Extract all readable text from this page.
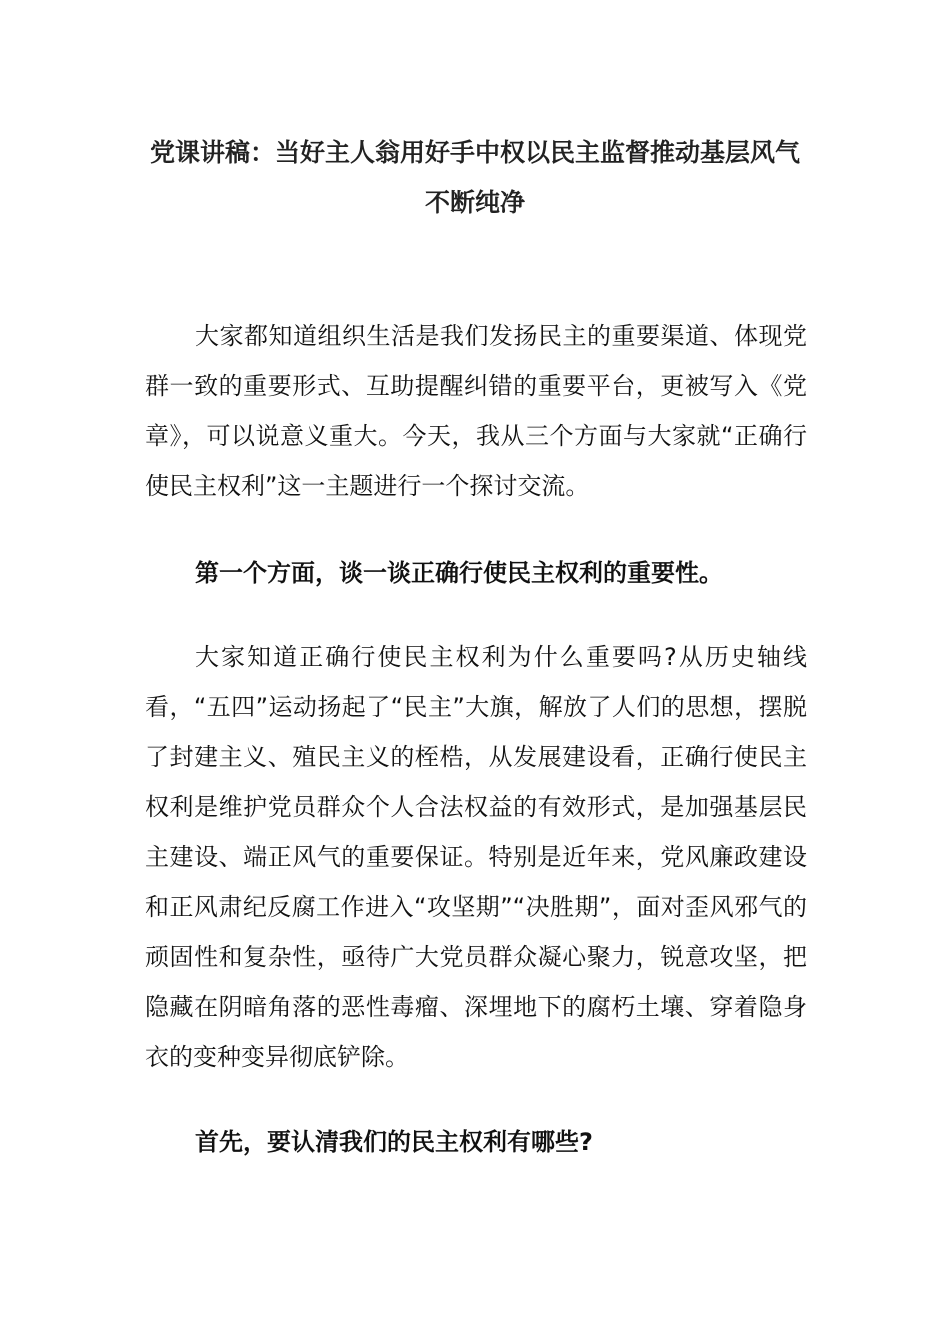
党课讲稿：当好主人翁用好手中权以民主监督推动基层风气不断纯净
大家都知道组织生活是我们发扬民主的重要渠道、体现党群一致的重要形式、互助提醒纠错的重要平台，更被写入《党章》，可以说意义重大。今天，我从三个方面与大家就“正确行使民主权利”这一主题进行一个探讨交流。
第一个方面，谈一谈正确行使民主权利的重要性。
大家知道正确行使民主权利为什么重要吗?从历史轴线看，“五四”运动扬起了“民主”大旗，解放了人们的思想，摆脱了封建主义、殖民主义的桎梏，从发展建设看，正确行使民主权利是维护党员群众个人合法权益的有效形式，是加强基层民主建设、端正风气的重要保证。特别是近年来，党风廉政建设和正风肃纪反腐工作进入“攻坚期”“决胜期”，面对歪风邪气的顽固性和复杂性，亟待广大党员群众凝心聚力，锐意攻坚，把隐藏在阴暗角落的恶性毒瘤、深埋地下的腐朽土壤、穿着隐身衣的变种变异彻底铲除。
首先，要认清我们的民主权利有哪些?
